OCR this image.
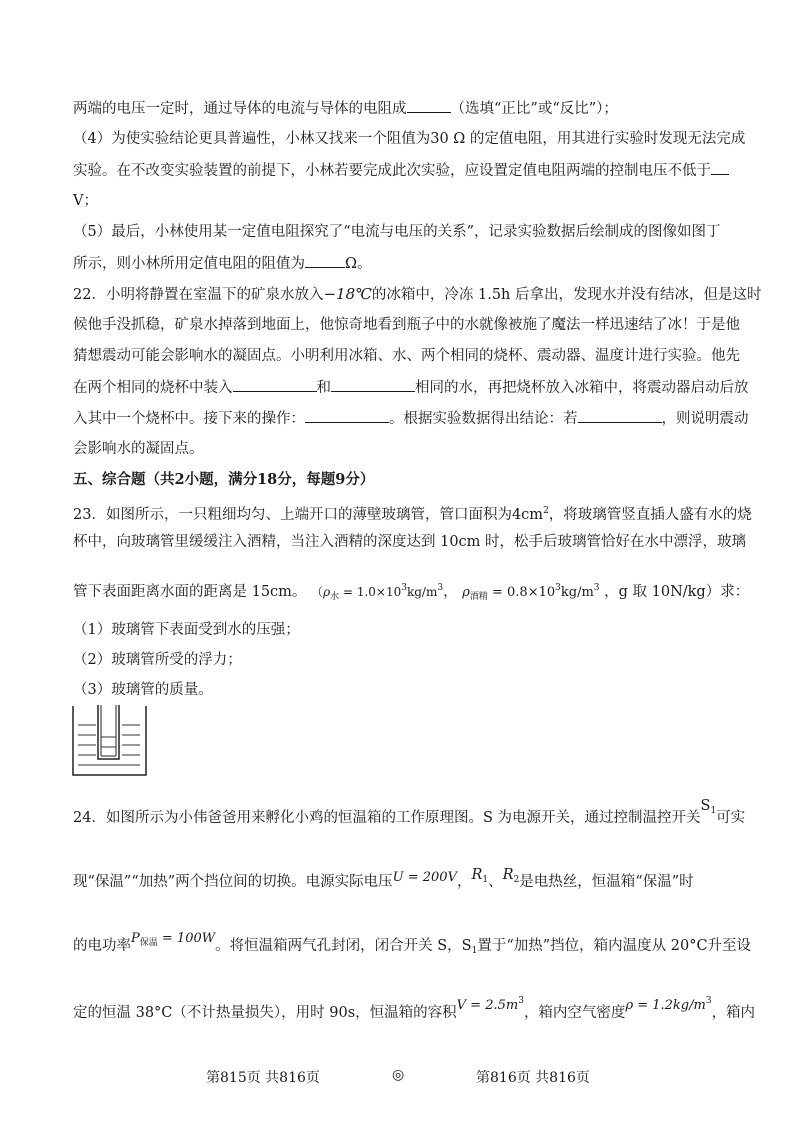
两端的电压一定时，通过导体的电流与导体的电阻成	（选填“正比”或“反比”）；
（4）为使实验结论更具普遍性，小林又找来一个阻值为30 Ω 的定值电阻，用其进行实验时发现无法完成
实验。在不改变实验装置的前提下，小林若要完成此次实验，应设置定值电阻两端的控制电压不低于
V；
（5）最后，小林使用某一定值电阻探究了“电流与电压的关系”，记录实验数据后绘制成的图像如图丁
所示，则小林所用定值电阻的阻值为	Ω。
22．小明将静置在室温下的矿泉水放入−18℃的冰箱中，冷冻 1.5h 后拿出，发现水并没有结冰，但是这时
候他手没抓稳，矿泉水掉落到地面上，他惊奇地看到瓶子中的水就像被施了魔法一样迅速结了冰！于是他
猜想震动可能会影响水的凝固点。小明利用冰箱、水、两个相同的烧杯、震动器、温度计进行实验。他先
在两个相同的烧杯中装入	和	相同的水，再把烧杯放入冰箱中，将震动器启动后放
入其中一个烧杯中。接下来的操作：	。根据实验数据得出结论：若	，则说明震动
会影响水的凝固点。
五、综合题（共2小题，满分18分，每题9分）
23．如图所示，一只粗细均匀、上端开口的薄壁玻璃管，管口面积为$4cm^2$，将玻璃管竖直插人盛有水的烧
杯中，向玻璃管里缓缓注入酒精，当注入酒精的深度达到 10cm 时，松手后玻璃管恰好在水中漂浮，玻璃
管下表面距离水面的距离是 15cm。 （$\rho_水 = 1.0\times 10^3kg/m^3$， $\rho_{酒精} = 0.8\times 10^3kg/m^3$ ，g 取 10N/kg）求：
（1）玻璃管下表面受到水的压强；
（2）玻璃管所受的浮力；
（3）玻璃管的质量。
24．如图所示为小伟爸爸用来孵化小鸡的恒温箱的工作原理图。S 为电源开关，通过控制温控开关$S_1$可实
现“保温”“加热”两个挡位间的切换。电源实际电压U = 200V，$R_1$、$R_2$是电热丝，恒温箱“保温”时
的电功率$P_{保温} = 100W$。将恒温箱两气孔封闭，闭合开关 S，$S_1$置于“加热”挡位，箱内温度从 20°C升至设
定的恒温 38°C（不计热量损失），用时 90s，恒温箱的容积$V = 2.5m^3$，箱内空气密度$\rho = 1.2kg/m^3$，箱内
第815页 共816页	◎	第816页 共816页
